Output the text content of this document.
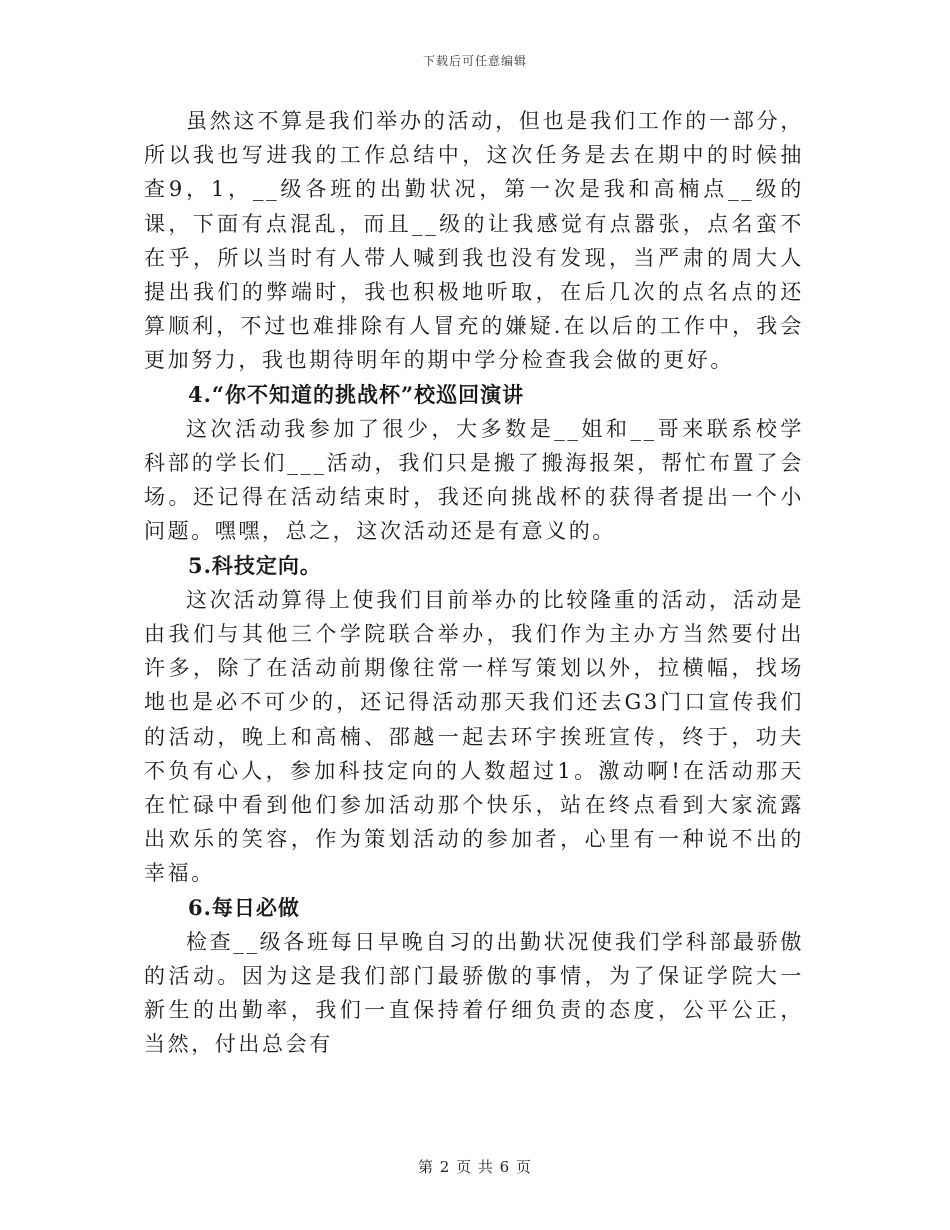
下载后可任意编辑

虽然这不算是我们举办的活动，但也是我们工作的一部分，所以我也写进我的工作总结中，这次任务是去在期中的时候抽查9，1，__级各班的出勤状况，第一次是我和高楠点__级的课，下面有点混乱，而且__级的让我感觉有点嚣张，点名蛮不在乎，所以当时有人带人喊到我也没有发现，当严肃的周大人提出我们的弊端时，我也积极地听取，在后几次的点名点的还算顺利，不过也难排除有人冒充的嫌疑.在以后的工作中，我会更加努力，我也期待明年的期中学分检查我会做的更好。

4.“你不知道的挑战杯”校巡回演讲

这次活动我参加了很少，大多数是__姐和__哥来联系校学科部的学长们___活动，我们只是搬了搬海报架，帮忙布置了会场。还记得在活动结束时，我还向挑战杯的获得者提出一个小问题。嘿嘿，总之，这次活动还是有意义的。

5.科技定向。

这次活动算得上使我们目前举办的比较隆重的活动，活动是由我们与其他三个学院联合举办，我们作为主办方当然要付出许多，除了在活动前期像往常一样写策划以外，拉横幅，找场地也是必不可少的，还记得活动那天我们还去G3门口宣传我们的活动，晚上和高楠、邵越一起去环宇挨班宣传，终于，功夫不负有心人，参加科技定向的人数超过1。激动啊!在活动那天在忙碌中看到他们参加活动那个快乐，站在终点看到大家流露出欢乐的笑容，作为策划活动的参加者，心里有一种说不出的幸福。

6.每日必做

检查__级各班每日早晚自习的出勤状况使我们学科部最骄傲的活动。因为这是我们部门最骄傲的事情，为了保证学院大一新生的出勤率，我们一直保持着仔细负责的态度，公平公正，当然，付出总会有

第 2 页 共 6 页
